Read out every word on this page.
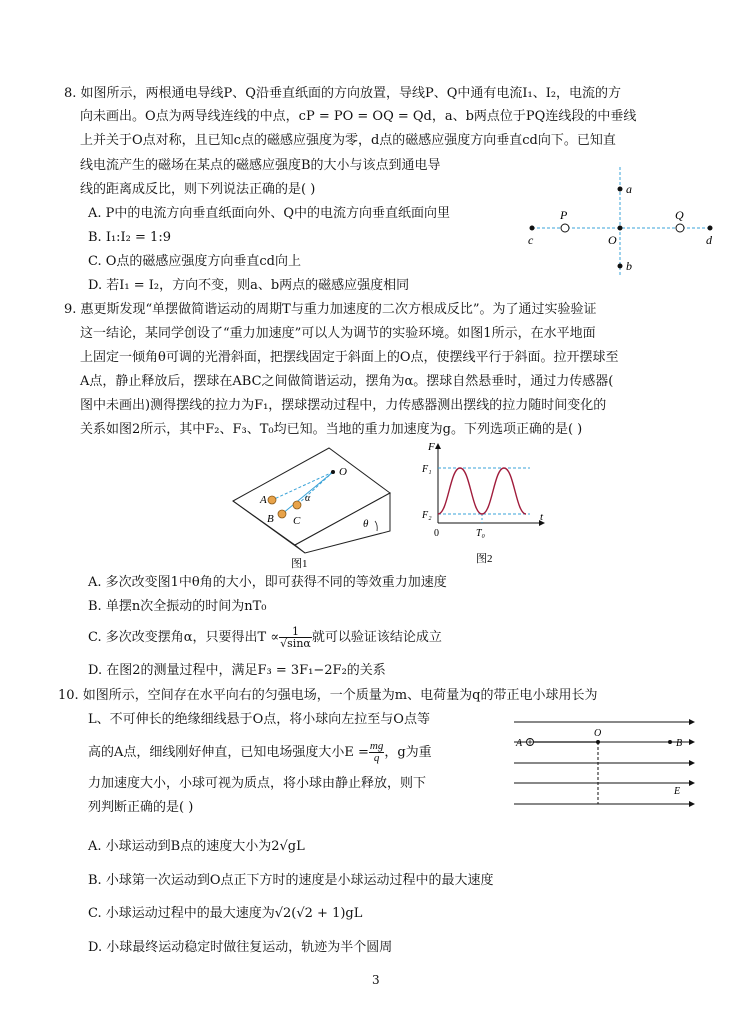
8. 如图所示，两根通电导线P、Q沿垂直纸面的方向放置，导线P、Q中通有电流I₁、I₂，电流的方
向未画出。O点为两导线连线的中点，cP = PO = OQ = Qd，a、b两点位于PQ连线段的中垂线
上并关于O点对称，且已知c点的磁感应强度为零，d点的磁感应强度方向垂直cd向下。已知直
线电流产生的磁场在某点的磁感应强度B的大小与该点到通电导
线的距离成反比，则下列说法正确的是( )
A. P中的电流方向垂直纸面向外、Q中的电流方向垂直纸面向里
B. I₁:I₂ = 1:9
C. O点的磁感应强度方向垂直cd向上
D. 若I₁ = I₂，方向不变，则a、b两点的磁感应强度相同
a
b
c	d
P	Q
O
9. 惠更斯发现“单摆做简谐运动的周期T与重力加速度的二次方根成反比”。为了通过实验验证
这一结论，某同学创设了“重力加速度”可以人为调节的实验环境。如图1所示，在水平地面
上固定一倾角θ可调的光滑斜面，把摆线固定于斜面上的O点，使摆线平行于斜面。拉开摆球至
A点，静止释放后，摆球在ABC之间做简谐运动，摆角为α。摆球自然悬垂时，通过力传感器(
图中未画出)测得摆线的拉力为F₁，摆球摆动过程中，力传感器测出摆线的拉力随时间变化的
关系如图2所示，其中F₂、F₃、T₀均已知。当地的重力加速度为g。下列选项正确的是( )
O
A
B C
α
θ
图1
F
F₁
F₂
0	T₀
t
图2
A. 多次改变图1中θ角的大小，即可获得不同的等效重力加速度
B. 单摆n次全振动的时间为nT₀
C. 多次改变摆角α，只要得出$T \propto \frac{1}{√\sin\alpha}$ 就可以验证该结论成立
D. 在图2的测量过程中，满足F₃ = 3F₁−2F₂的关系
10. 如图所示，空间存在水平向右的匀强电场，一个质量为m、电荷量为q的带正电小球用长为
L、不可伸长的绝缘细线悬于O点，将小球向左拉至与O点等
高的A点，细线刚好伸直，已知电场强度大小$E = \frac{mg}{q}$ ，g为重
力加速度大小，小球可视为质点，将小球由静止释放，则下
列判断正确的是( )
A
O
B
E
A. 小球运动到B点的速度大小为2√gL
B. 小球第一次运动到O点正下方时的速度是小球运动过程中的最大速度
C. 小球运动过程中的最大速度为√2(√2 + 1)gL
D. 小球最终运动稳定时做往复运动，轨迹为半个圆周
3
